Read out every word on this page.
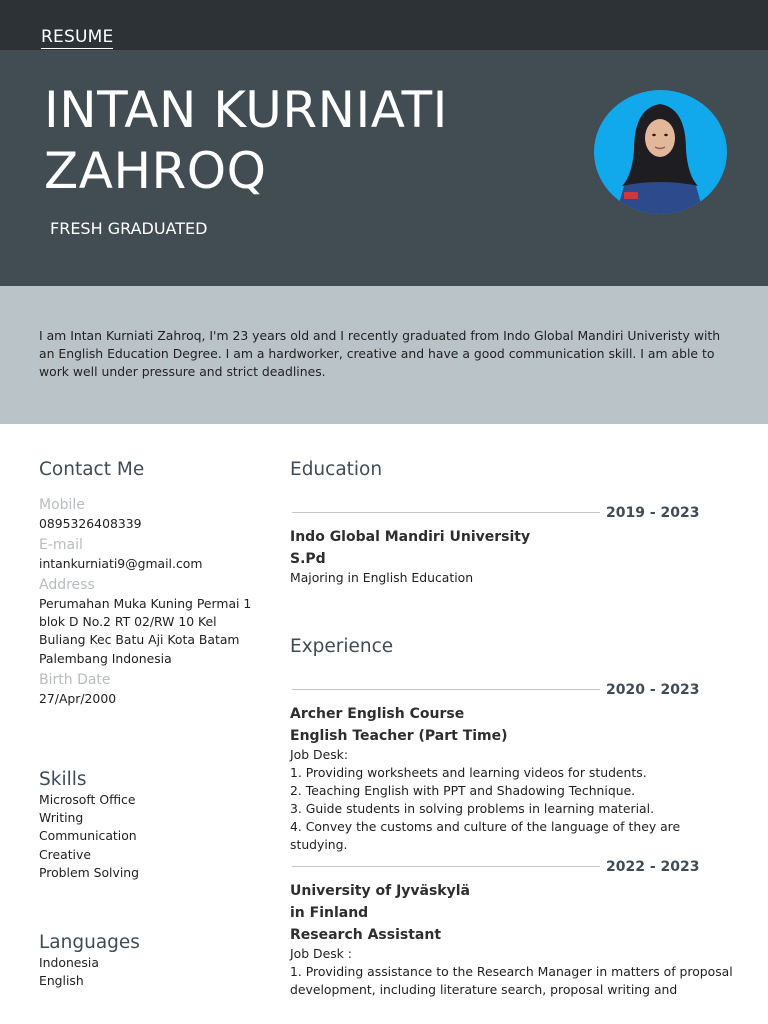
RESUME
INTAN KURNIATI ZAHROQ
FRESH GRADUATED

I am Intan Kurniati Zahroq, I'm 23 years old and I recently graduated from Indo Global Mandiri Univeristy with an English Education Degree. I am a hardworker, creative and have a good communication skill. I am able to work well under pressure and strict deadlines.

Contact Me
Mobile
0895326408339
E-mail
intankurniati9@gmail.com
Address
Perumahan Muka Kuning Permai 1 blok D No.2 RT 02/RW 10 Kel Buliang Kec Batu Aji Kota Batam Palembang Indonesia
Birth Date
27/Apr/2000
Skills
Microsoft Office
Writing
Communication
Creative
Problem Solving
Languages
Indonesia
English
Education
2019 - 2023
Indo Global Mandiri University
S.Pd
Majoring in English Education
Experience
2020 - 2023
Archer English Course
English Teacher (Part Time)
Job Desk:
1. Providing worksheets and learning videos for students.
2. Teaching English with PPT and Shadowing Technique.
3. Guide students in solving problems in learning material.
4. Convey the customs and culture of the language of they are studying.
2022 - 2023
University of Jyväskylä
in Finland
Research Assistant
Job Desk :
1. Providing assistance to the Research Manager in matters of proposal development, including literature search, proposal writing and
